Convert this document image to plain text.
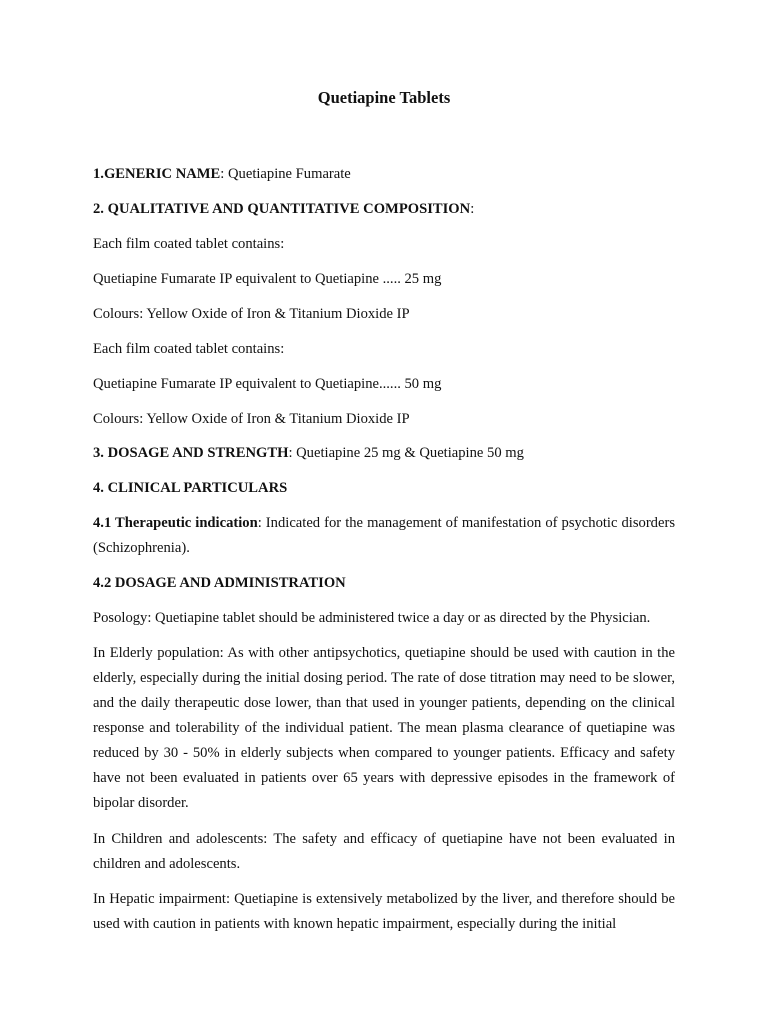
Quetiapine Tablets

1.GENERIC NAME: Quetiapine Fumarate

2. QUALITATIVE AND QUANTITATIVE COMPOSITION:

Each film coated tablet contains:

Quetiapine Fumarate IP equivalent to Quetiapine ..... 25 mg

Colours: Yellow Oxide of Iron & Titanium Dioxide IP

Each film coated tablet contains:

Quetiapine Fumarate IP equivalent to Quetiapine...... 50 mg

Colours: Yellow Oxide of Iron & Titanium Dioxide IP

3. DOSAGE AND STRENGTH: Quetiapine 25 mg & Quetiapine 50 mg

4. CLINICAL PARTICULARS

4.1 Therapeutic indication: Indicated for the management of manifestation of psychotic disorders (Schizophrenia).

4.2 DOSAGE AND ADMINISTRATION

Posology: Quetiapine tablet should be administered twice a day or as directed by the Physician.

In Elderly population: As with other antipsychotics, quetiapine should be used with caution in the elderly, especially during the initial dosing period. The rate of dose titration may need to be slower, and the daily therapeutic dose lower, than that used in younger patients, depending on the clinical response and tolerability of the individual patient. The mean plasma clearance of quetiapine was reduced by 30 - 50% in elderly subjects when compared to younger patients. Efficacy and safety have not been evaluated in patients over 65 years with depressive episodes in the framework of bipolar disorder.

In Children and adolescents: The safety and efficacy of quetiapine have not been evaluated in children and adolescents.

In Hepatic impairment: Quetiapine is extensively metabolized by the liver, and therefore should be used with caution in patients with known hepatic impairment, especially during the initial
